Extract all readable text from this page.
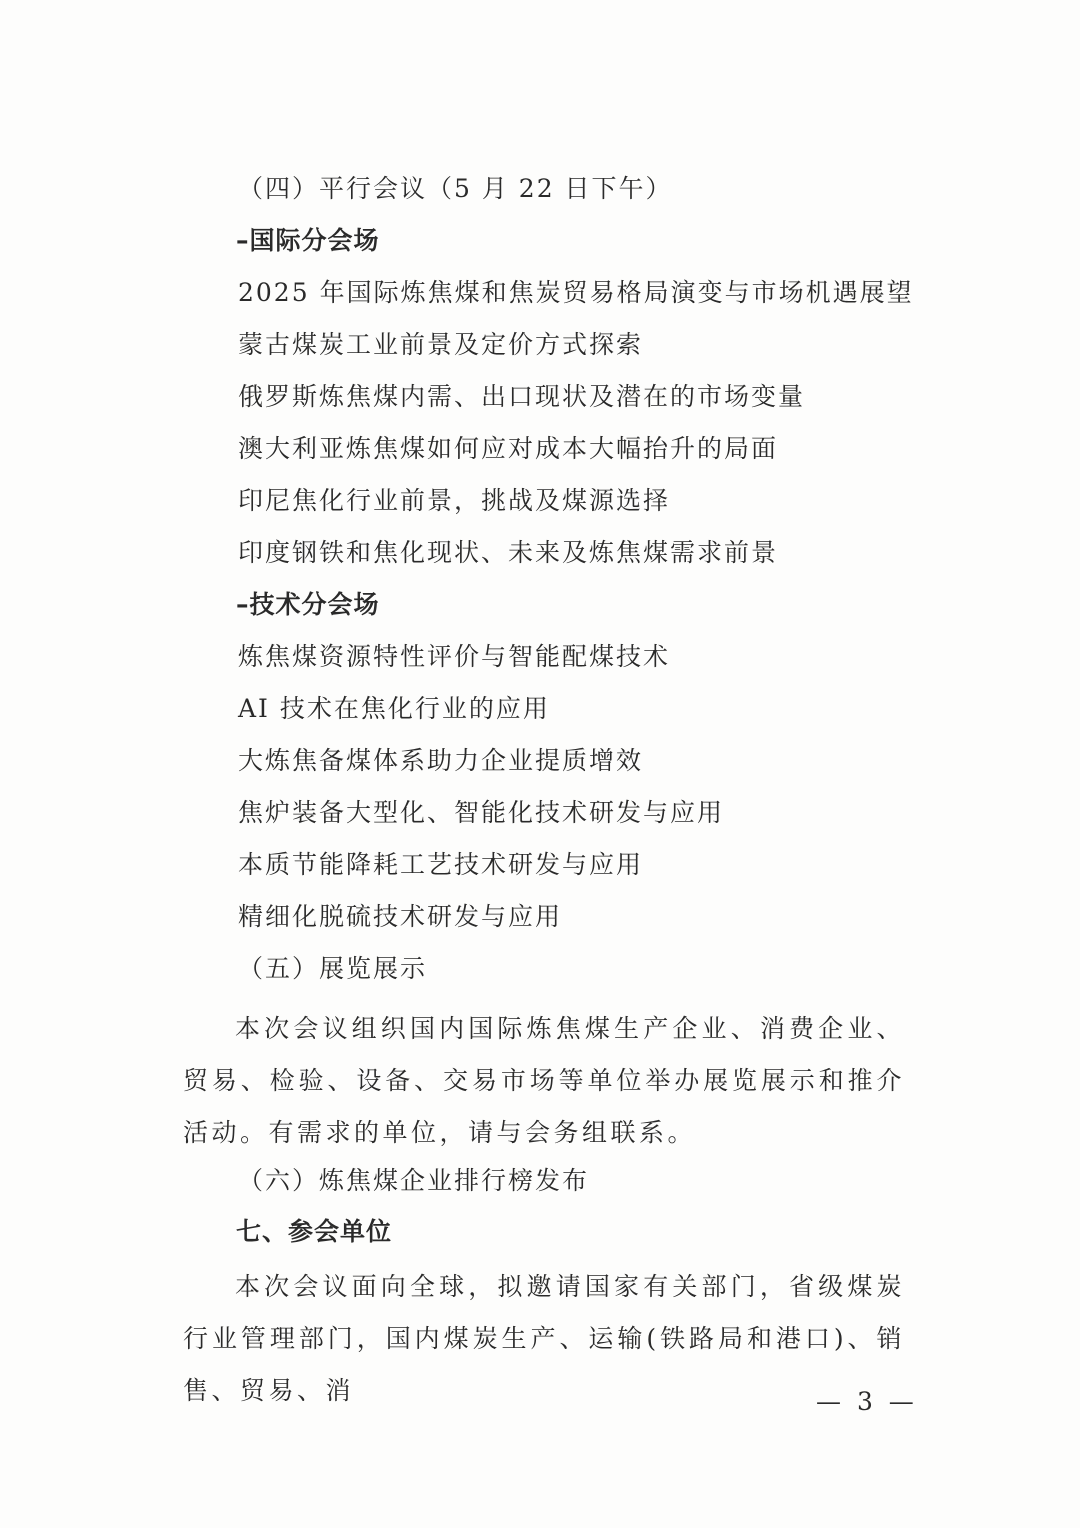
（四）平行会议（5 月 22 日下午）
–国际分会场
2025 年国际炼焦煤和焦炭贸易格局演变与市场机遇展望
蒙古煤炭工业前景及定价方式探索
俄罗斯炼焦煤内需、出口现状及潜在的市场变量
澳大利亚炼焦煤如何应对成本大幅抬升的局面
印尼焦化行业前景，挑战及煤源选择
印度钢铁和焦化现状、未来及炼焦煤需求前景
–技术分会场
炼焦煤资源特性评价与智能配煤技术
AI 技术在焦化行业的应用
大炼焦备煤体系助力企业提质增效
焦炉装备大型化、智能化技术研发与应用
本质节能降耗工艺技术研发与应用
精细化脱硫技术研发与应用
（五）展览展示
本次会议组织国内国际炼焦煤生产企业、消费企业、贸易、检验、设备、交易市场等单位举办展览展示和推介活动。有需求的单位，请与会务组联系。
（六）炼焦煤企业排行榜发布
七、参会单位
本次会议面向全球，拟邀请国家有关部门，省级煤炭行业管理部门，国内煤炭生产、运输(铁路局和港口)、销售、贸易、消	— 3 —
